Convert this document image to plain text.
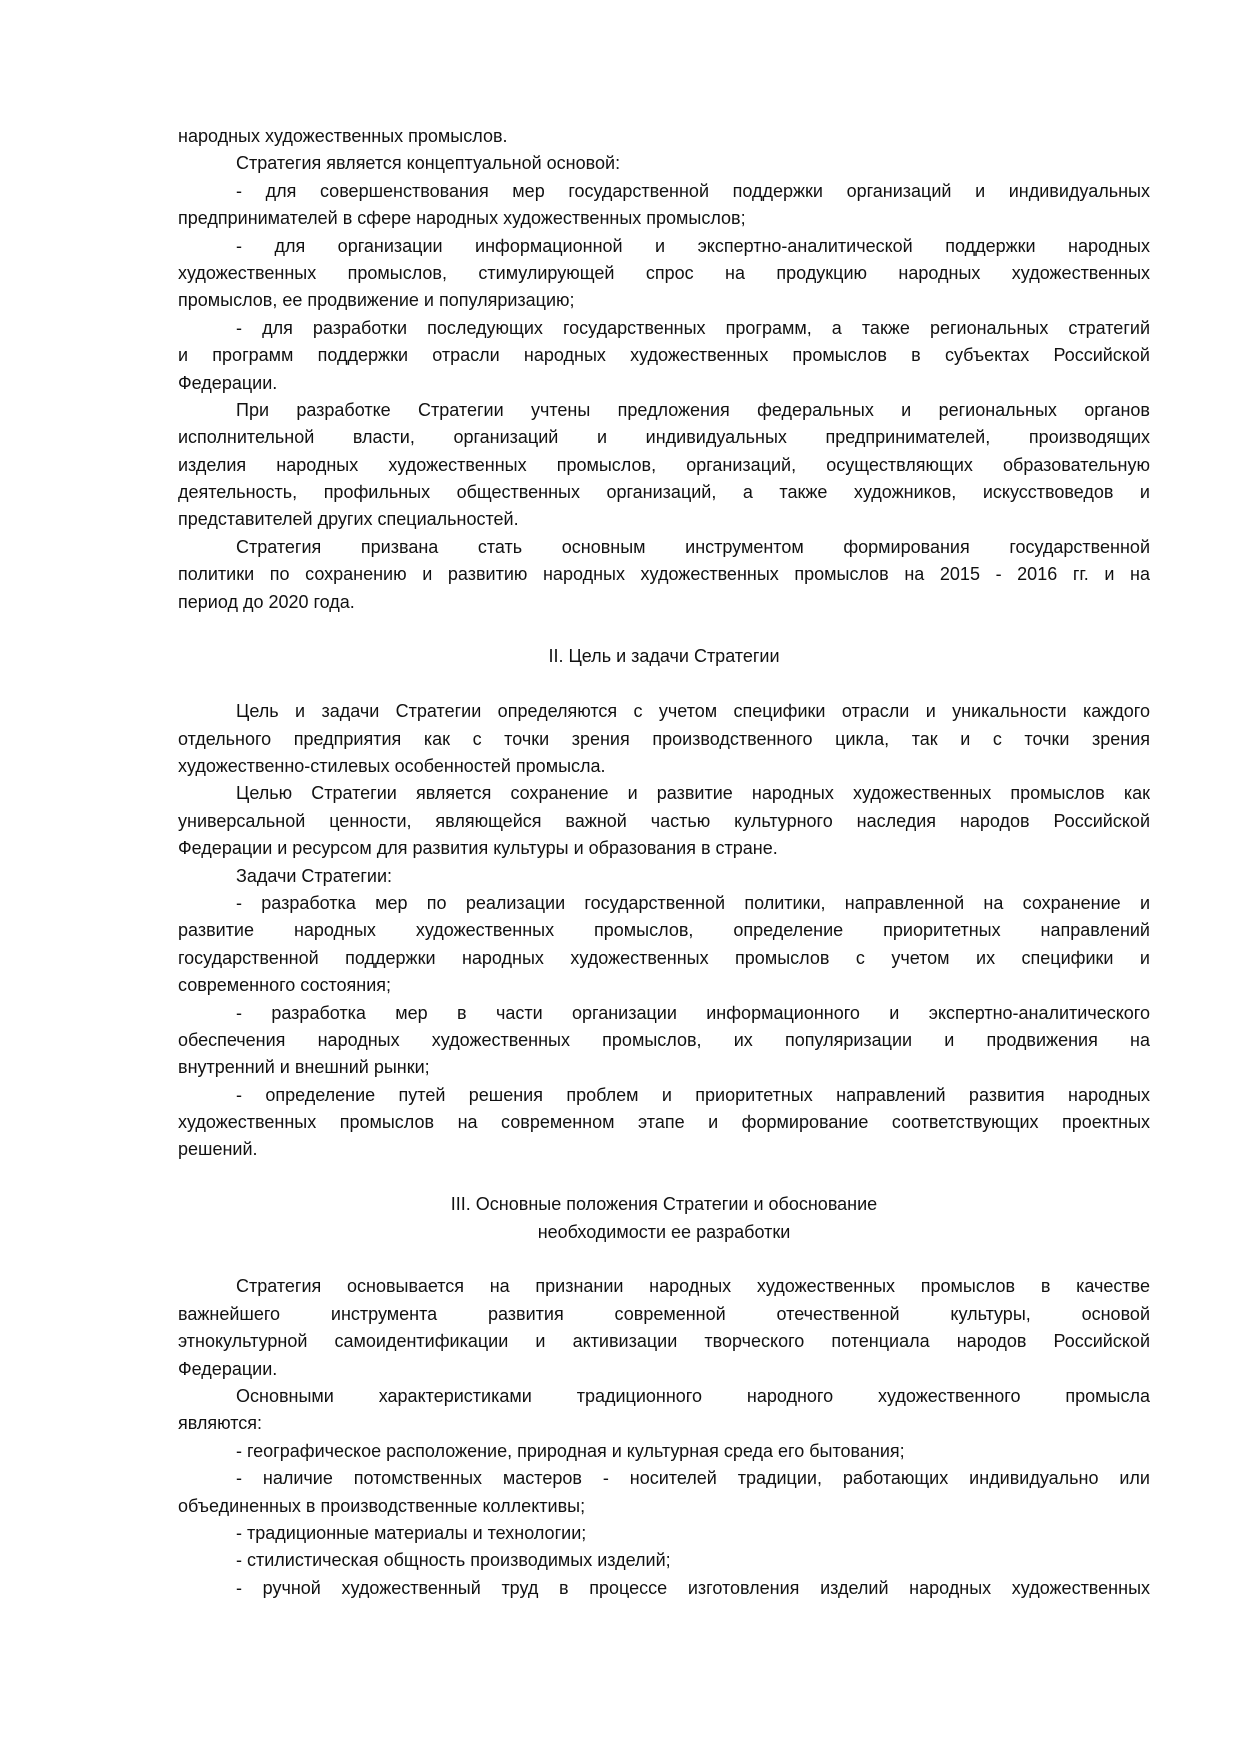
народных художественных промыслов.
Стратегия является концептуальной основой:
- для совершенствования мер государственной поддержки организаций и индивидуальных
предпринимателей в сфере народных художественных промыслов;
- для организации информационной и экспертно-аналитической поддержки народных
художественных промыслов, стимулирующей спрос на продукцию народных художественных
промыслов, ее продвижение и популяризацию;
- для разработки последующих государственных программ, а также региональных стратегий
и программ поддержки отрасли народных художественных промыслов в субъектах Российской
Федерации.
При разработке Стратегии учтены предложения федеральных и региональных органов
исполнительной власти, организаций и индивидуальных предпринимателей, производящих
изделия народных художественных промыслов, организаций, осуществляющих образовательную
деятельность, профильных общественных организаций, а также художников, искусствоведов и
представителей других специальностей.
Стратегия призвана стать основным инструментом формирования государственной
политики по сохранению и развитию народных художественных промыслов на 2015 - 2016 гг. и на
период до 2020 года.
II. Цель и задачи Стратегии
Цель и задачи Стратегии определяются с учетом специфики отрасли и уникальности каждого
отдельного предприятия как с точки зрения производственного цикла, так и с точки зрения
художественно-стилевых особенностей промысла.
Целью Стратегии является сохранение и развитие народных художественных промыслов как
универсальной ценности, являющейся важной частью культурного наследия народов Российской
Федерации и ресурсом для развития культуры и образования в стране.
Задачи Стратегии:
- разработка мер по реализации государственной политики, направленной на сохранение и
развитие народных художественных промыслов, определение приоритетных направлений
государственной поддержки народных художественных промыслов с учетом их специфики и
современного состояния;
- разработка мер в части организации информационного и экспертно-аналитического
обеспечения народных художественных промыслов, их популяризации и продвижения на
внутренний и внешний рынки;
- определение путей решения проблем и приоритетных направлений развития народных
художественных промыслов на современном этапе и формирование соответствующих проектных
решений.
III. Основные положения Стратегии и обоснование
необходимости ее разработки
Стратегия основывается на признании народных художественных промыслов в качестве
важнейшего инструмента развития современной отечественной культуры, основой
этнокультурной самоидентификации и активизации творческого потенциала народов Российской
Федерации.
Основными характеристиками традиционного народного художественного промысла
являются:
- географическое расположение, природная и культурная среда его бытования;
- наличие потомственных мастеров - носителей традиции, работающих индивидуально или
объединенных в производственные коллективы;
- традиционные материалы и технологии;
- стилистическая общность производимых изделий;
- ручной художественный труд в процессе изготовления изделий народных художественных
